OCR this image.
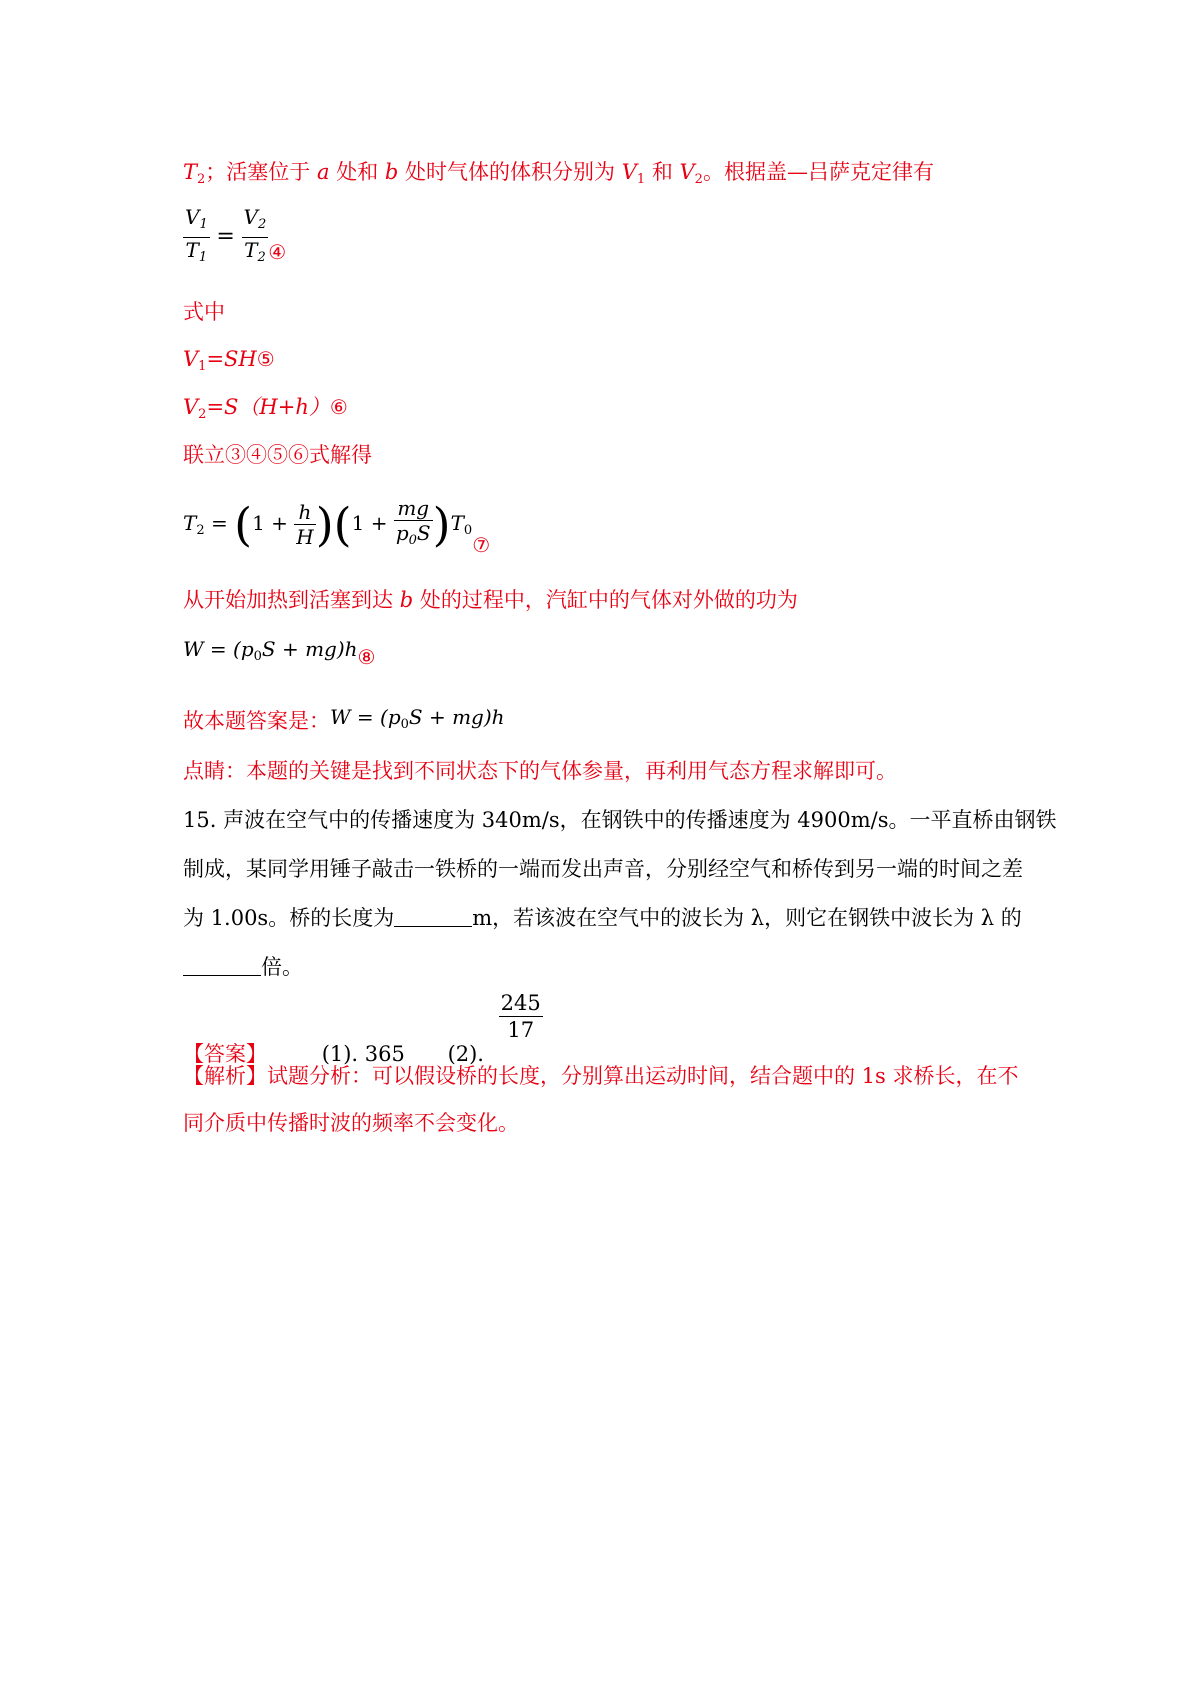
$T_2$；活塞位于 a 处和 b 处时气体的体积分别为 $V_1$ 和 $V_2$。根据盖—吕萨克定律有
$\frac{V_1}{T_1} = \frac{V_2}{T_2}$ ④
式中
$V_1=SH⑤$
$V_2=S(H+h)⑥$
联立③④⑤⑥式解得
$T_2 = (1 + \frac{h}{H} )(1 + \frac{mg}{p_0S}$ )$T_0⑦$
从开始加热到活塞到达 b 处的过程中，汽缸中的气体对外做的功为
$W = (p_0S$ + mg)h⑧
故本题答案是：W = (p0S + mg)h
点睛：本题的关键是找到不同状态下的气体参量，再利用气态方程求解即可。
15. 声波在空气中的传播速度为 340m/s，在钢铁中的传播速度为 4900m/s。一平直桥由钢铁
制成，某同学用锤子敲击一铁桥的一端而发出声音，分别经空气和桥传到另一端的时间之差
为 1.00s。桥的长度为	m，若该波在空气中的波长为 λ，则它在钢铁中波长为 λ 的
倍。
【答案】	(1). 365 (2).
$\frac{245}{17}$
【解析】试题分析：可以假设桥的长度，分别算出运动时间，结合题中的 1s 求桥长，在不
同介质中传播时波的频率不会变化。
